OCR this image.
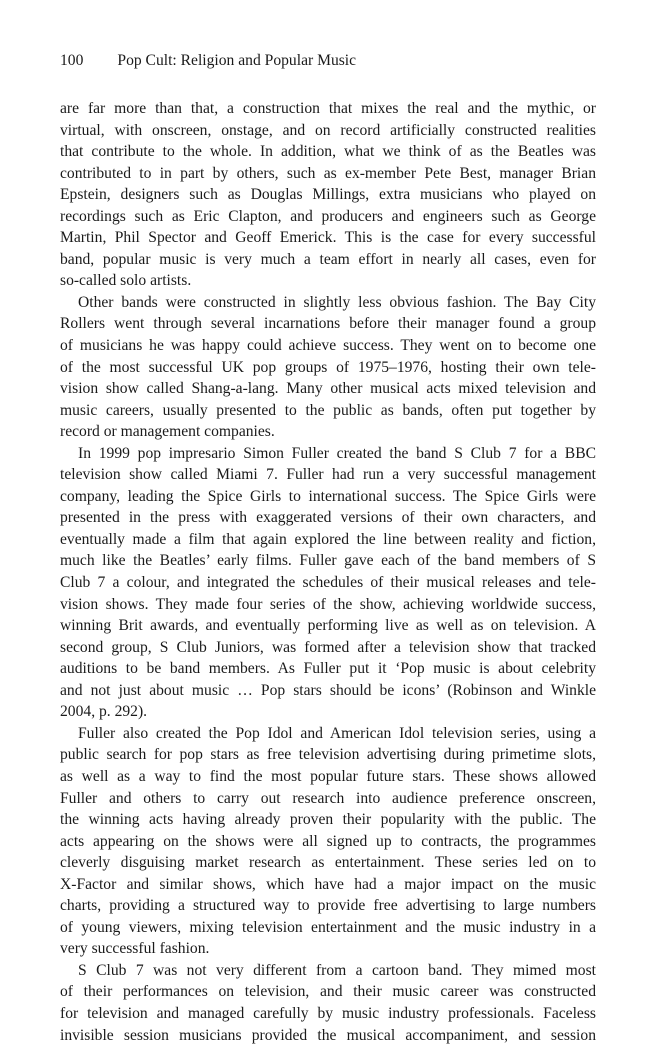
100 Pop Cult: Religion and Popular Music
are far more than that, a construction that mixes the real and the mythic, or
virtual, with onscreen, onstage, and on record artificially constructed realities
that contribute to the whole. In addition, what we think of as the Beatles was
contributed to in part by others, such as ex-member Pete Best, manager Brian
Epstein, designers such as Douglas Millings, extra musicians who played on
recordings such as Eric Clapton, and producers and engineers such as George
Martin, Phil Spector and Geoff Emerick. This is the case for every successful
band, popular music is very much a team effort in nearly all cases, even for
so-called solo artists.
Other bands were constructed in slightly less obvious fashion. The Bay City
Rollers went through several incarnations before their manager found a group
of musicians he was happy could achieve success. They went on to become one
of the most successful UK pop groups of 1975–1976, hosting their own tele-
vision show called Shang-a-lang. Many other musical acts mixed television and
music careers, usually presented to the public as bands, often put together by
record or management companies.
In 1999 pop impresario Simon Fuller created the band S Club 7 for a BBC
television show called Miami 7. Fuller had run a very successful management
company, leading the Spice Girls to international success. The Spice Girls were
presented in the press with exaggerated versions of their own characters, and
eventually made a film that again explored the line between reality and fiction,
much like the Beatles’ early films. Fuller gave each of the band members of S
Club 7 a colour, and integrated the schedules of their musical releases and tele-
vision shows. They made four series of the show, achieving worldwide success,
winning Brit awards, and eventually performing live as well as on television. A
second group, S Club Juniors, was formed after a television show that tracked
auditions to be band members. As Fuller put it ‘Pop music is about celebrity
and not just about music … Pop stars should be icons’ (Robinson and Winkle
2004, p. 292).
Fuller also created the Pop Idol and American Idol television series, using a
public search for pop stars as free television advertising during primetime slots,
as well as a way to find the most popular future stars. These shows allowed
Fuller and others to carry out research into audience preference onscreen,
the winning acts having already proven their popularity with the public. The
acts appearing on the shows were all signed up to contracts, the programmes
cleverly disguising market research as entertainment. These series led on to
X-Factor and similar shows, which have had a major impact on the music
charts, providing a structured way to provide free advertising to large numbers
of young viewers, mixing television entertainment and the music industry in a
very successful fashion.
S Club 7 was not very different from a cartoon band. They mimed most
of their performances on television, and their music career was constructed
for television and managed carefully by music industry professionals. Faceless
invisible session musicians provided the musical accompaniment, and session
